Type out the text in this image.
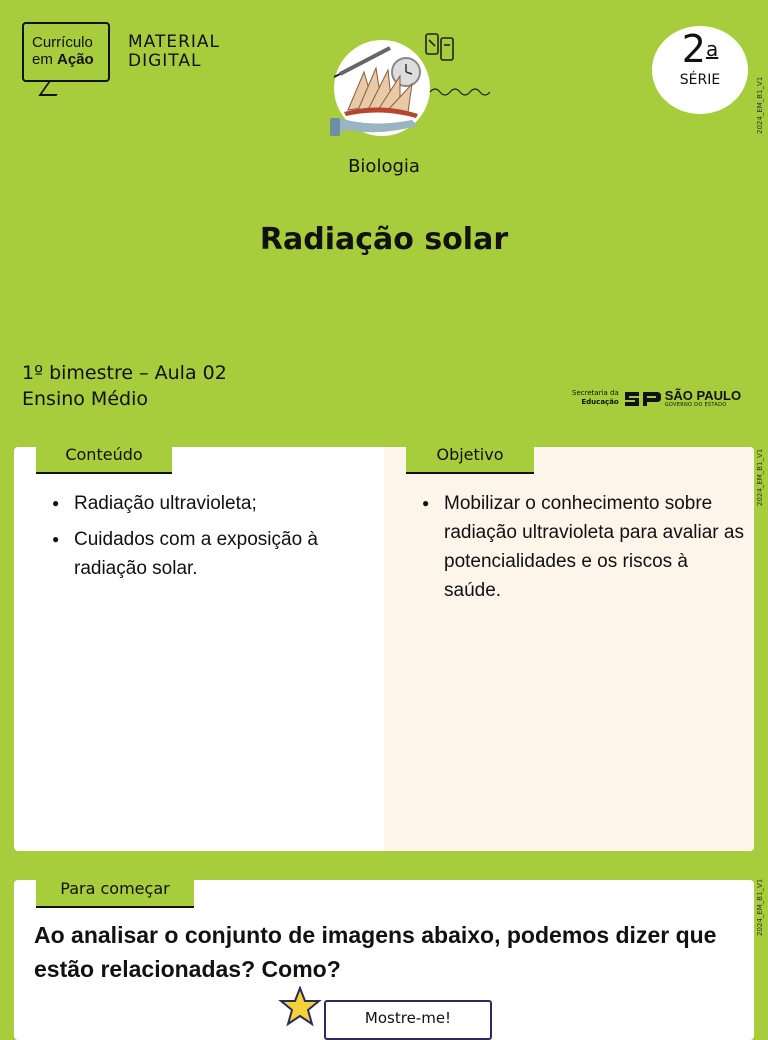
Currículo
em Ação
MATERIAL
DIGITAL	2$^a$
SÉRIE	2024_EM_B1_V1
Biologia
Radiação solar
1º bimestre – Aula 02
Ensino Médio	Secretaria da
Educação	SÃO PAULO
GOVERNO DO ESTADO
● Radiação ultravioleta;
● Cuidados com a exposição à radiação solar.
● Mobilizar o conhecimento sobre radiação ultravioleta para avaliar as potencialidades e os riscos à saúde.
Conteúdo	Objetivo	2024_EM_B1_V1
Para começar	2024_EM_B1_V1
Ao analisar o conjunto de imagens abaixo, podemos dizer que estão relacionadas? Como?
Mostre-me!
